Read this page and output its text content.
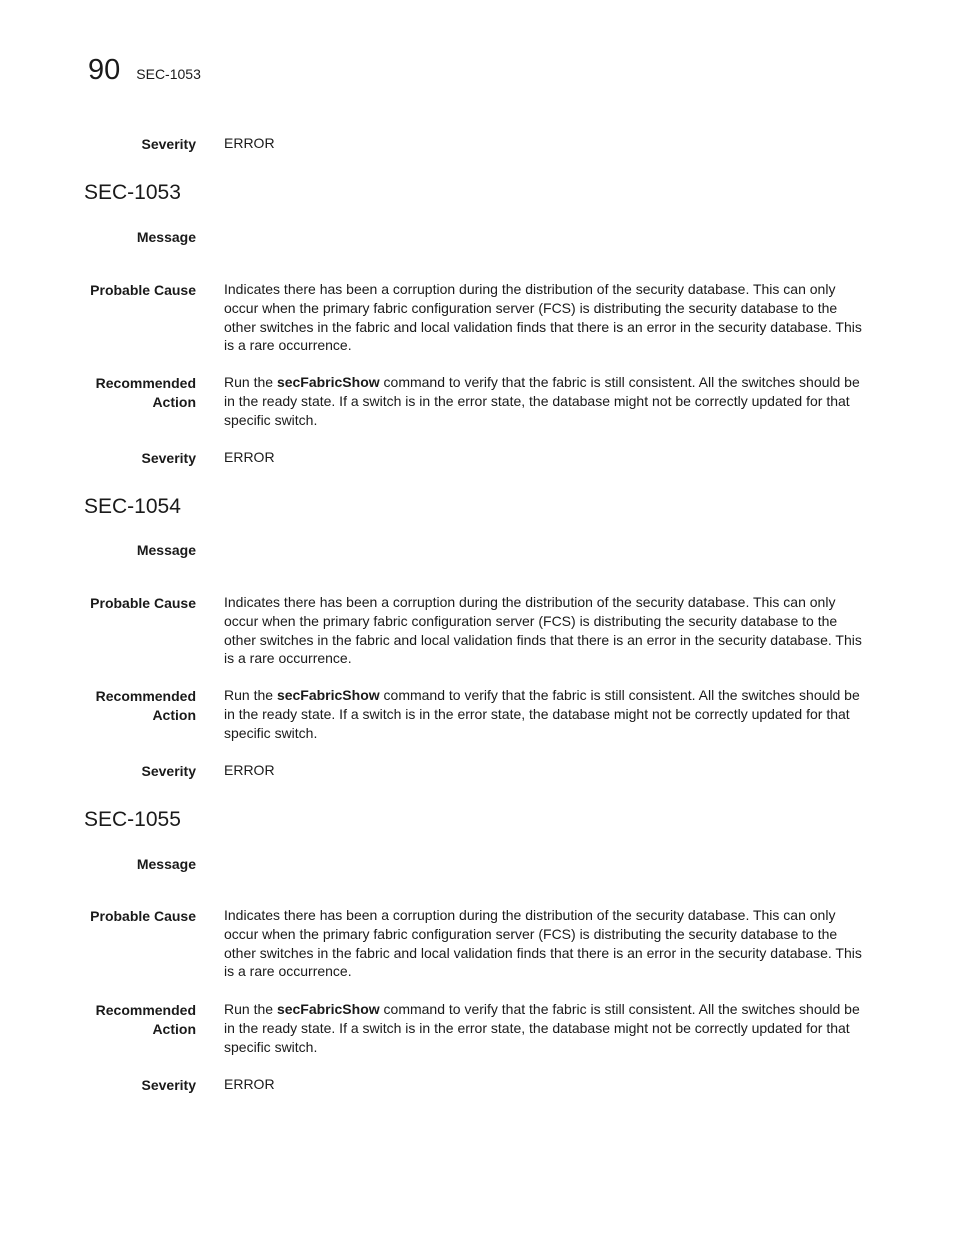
90 SEC-1053
Severity ERROR
SEC-1053
Message
Probable Cause Indicates there has been a corruption during the distribution of the security database. This can only occur when the primary fabric configuration server (FCS) is distributing the security database to the other switches in the fabric and local validation finds that there is an error in the security database. This is a rare occurrence.
Recommended
Action
Run the secFabricShow command to verify that the fabric is still consistent. All the switches should be in the ready state. If a switch is in the error state, the database might not be correctly updated for that specific switch.
Severity ERROR
SEC-1054
Message
Probable Cause Indicates there has been a corruption during the distribution of the security database. This can only occur when the primary fabric configuration server (FCS) is distributing the security database to the other switches in the fabric and local validation finds that there is an error in the security database. This is a rare occurrence.
Recommended
Action
Run the secFabricShow command to verify that the fabric is still consistent. All the switches should be in the ready state. If a switch is in the error state, the database might not be correctly updated for that specific switch.
Severity ERROR
SEC-1055
Message
Probable Cause Indicates there has been a corruption during the distribution of the security database. This can only occur when the primary fabric configuration server (FCS) is distributing the security database to the other switches in the fabric and local validation finds that there is an error in the security database. This is a rare occurrence.
Recommended
Action
Run the secFabricShow command to verify that the fabric is still consistent. All the switches should be in the ready state. If a switch is in the error state, the database might not be correctly updated for that specific switch.
Severity ERROR
